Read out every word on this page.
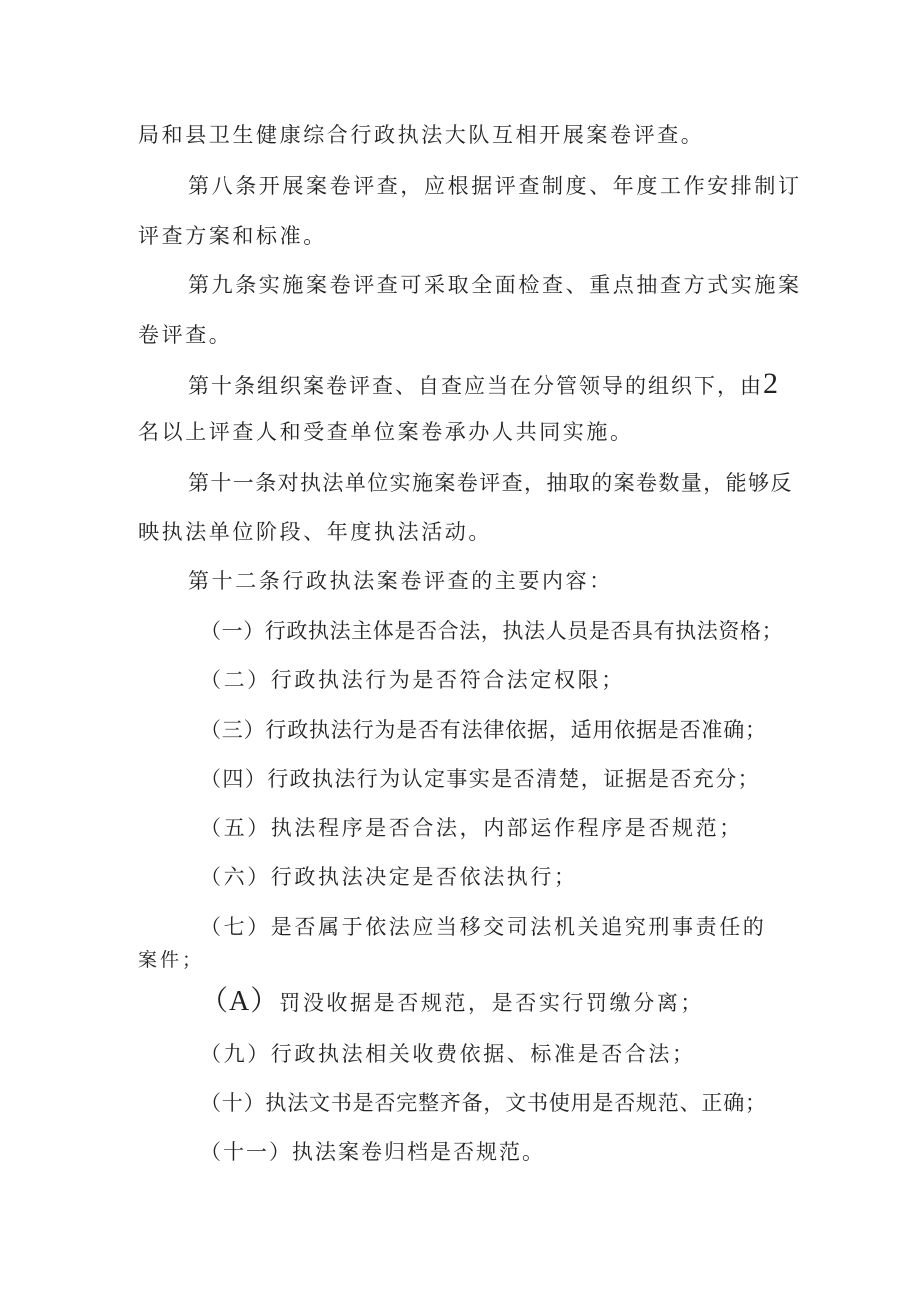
局和县卫生健康综合行政执法大队互相开展案卷评查。
第八条开展案卷评查，应根据评查制度、年度工作安排制订
评查方案和标准。
第九条实施案卷评查可采取全面检查、重点抽查方式实施案
卷评查。
第十条组织案卷评查、自查应当在分管领导的组织下，由2
名以上评查人和受查单位案卷承办人共同实施。
第十一条对执法单位实施案卷评查，抽取的案卷数量，能够反
映执法单位阶段、年度执法活动。
第十二条行政执法案卷评查的主要内容：
（一）行政执法主体是否合法，执法人员是否具有执法资格；
（二）行政执法行为是否符合法定权限；
（三）行政执法行为是否有法律依据，适用依据是否准确；
（四）行政执法行为认定事实是否清楚，证据是否充分；
（五）执法程序是否合法，内部运作程序是否规范；
（六）行政执法决定是否依法执行；
（七）是否属于依法应当移交司法机关追究刑事责任的
案件；
（A）罚没收据是否规范，是否实行罚缴分离；
（九）行政执法相关收费依据、标准是否合法；
（十）执法文书是否完整齐备，文书使用是否规范、正确；
（十一）执法案卷归档是否规范。
